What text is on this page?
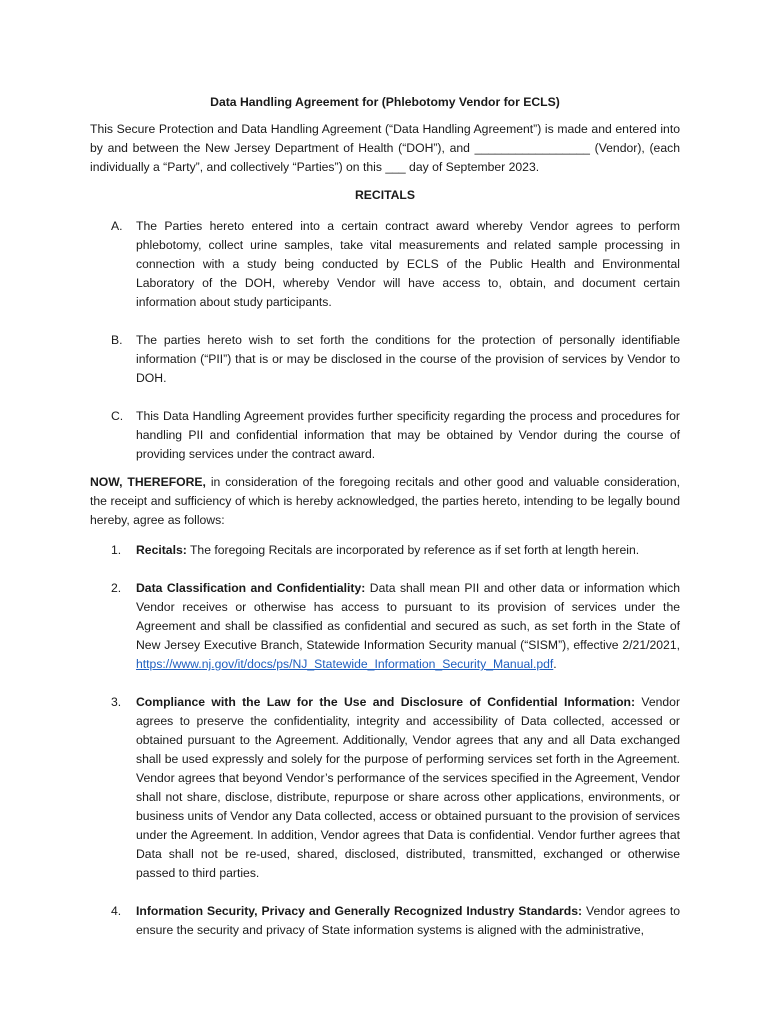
Data Handling Agreement for (Phlebotomy Vendor for ECLS)

This Secure Protection and Data Handling Agreement (“Data Handling Agreement”) is made and entered into by and between the New Jersey Department of Health (“DOH”), and _________________ (Vendor), (each individually a “Party”, and collectively “Parties”) on this ___ day of September 2023.

RECITALS

A.	The Parties hereto entered into a certain contract award whereby Vendor agrees to perform phlebotomy, collect urine samples, take vital measurements and related sample processing in connection with a study being conducted by ECLS of the Public Health and Environmental Laboratory of the DOH, whereby Vendor will have access to, obtain, and document certain information about study participants.
B.	The parties hereto wish to set forth the conditions for the protection of personally identifiable information (“PII”) that is or may be disclosed in the course of the provision of services by Vendor to DOH.
C.	This Data Handling Agreement provides further specificity regarding the process and procedures for handling PII and confidential information that may be obtained by Vendor during the course of providing services under the contract award.

NOW, THEREFORE, in consideration of the foregoing recitals and other good and valuable consideration, the receipt and sufficiency of which is hereby acknowledged, the parties hereto, intending to be legally bound hereby, agree as follows:

1.	Recitals: The foregoing Recitals are incorporated by reference as if set forth at length herein.
2.	Data Classification and Confidentiality: Data shall mean PII and other data or information which Vendor receives or otherwise has access to pursuant to its provision of services under the Agreement and shall be classified as confidential and secured as such, as set forth in the State of New Jersey Executive Branch, Statewide Information Security manual (“SISM”), effective 2/21/2021, https://www.nj.gov/it/docs/ps/NJ_Statewide_Information_Security_Manual.pdf.
3.	Compliance with the Law for the Use and Disclosure of Confidential Information: Vendor agrees to preserve the confidentiality, integrity and accessibility of Data collected, accessed or obtained pursuant to the Agreement. Additionally, Vendor agrees that any and all Data exchanged shall be used expressly and solely for the purpose of performing services set forth in the Agreement. Vendor agrees that beyond Vendor’s performance of the services specified in the Agreement, Vendor shall not share, disclose, distribute, repurpose or share across other applications, environments, or business units of Vendor any Data collected, access or obtained pursuant to the provision of services under the Agreement. In addition, Vendor agrees that Data is confidential. Vendor further agrees that Data shall not be re-used, shared, disclosed, distributed, transmitted, exchanged or otherwise passed to third parties.
4.	Information Security, Privacy and Generally Recognized Industry Standards: Vendor agrees to ensure the security and privacy of State information systems is aligned with the administrative,
